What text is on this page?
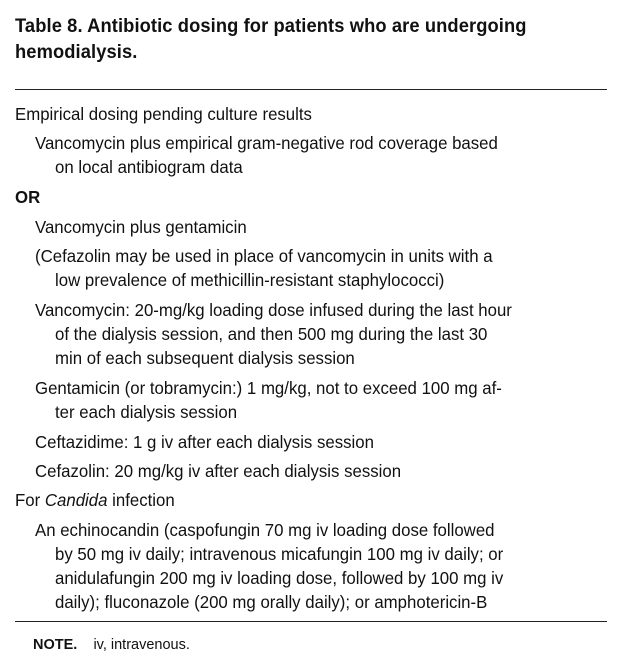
Table 8. Antibiotic dosing for patients who are undergoing
hemodialysis.
Empirical dosing pending culture results
Vancomycin plus empirical gram-negative rod coverage based
on local antibiogram data
OR
Vancomycin plus gentamicin
(Cefazolin may be used in place of vancomycin in units with a
low prevalence of methicillin-resistant staphylococci)
Vancomycin: 20-mg/kg loading dose infused during the last hour
of the dialysis session, and then 500 mg during the last 30
min of each subsequent dialysis session
Gentamicin (or tobramycin:) 1 mg/kg, not to exceed 100 mg af-
ter each dialysis session
Ceftazidime: 1 g iv after each dialysis session
Cefazolin: 20 mg/kg iv after each dialysis session
For Candida infection
An echinocandin (caspofungin 70 mg iv loading dose followed
by 50 mg iv daily; intravenous micafungin 100 mg iv daily; or
anidulafungin 200 mg iv loading dose, followed by 100 mg iv
daily); fluconazole (200 mg orally daily); or amphotericin-B
NOTE. iv, intravenous.
